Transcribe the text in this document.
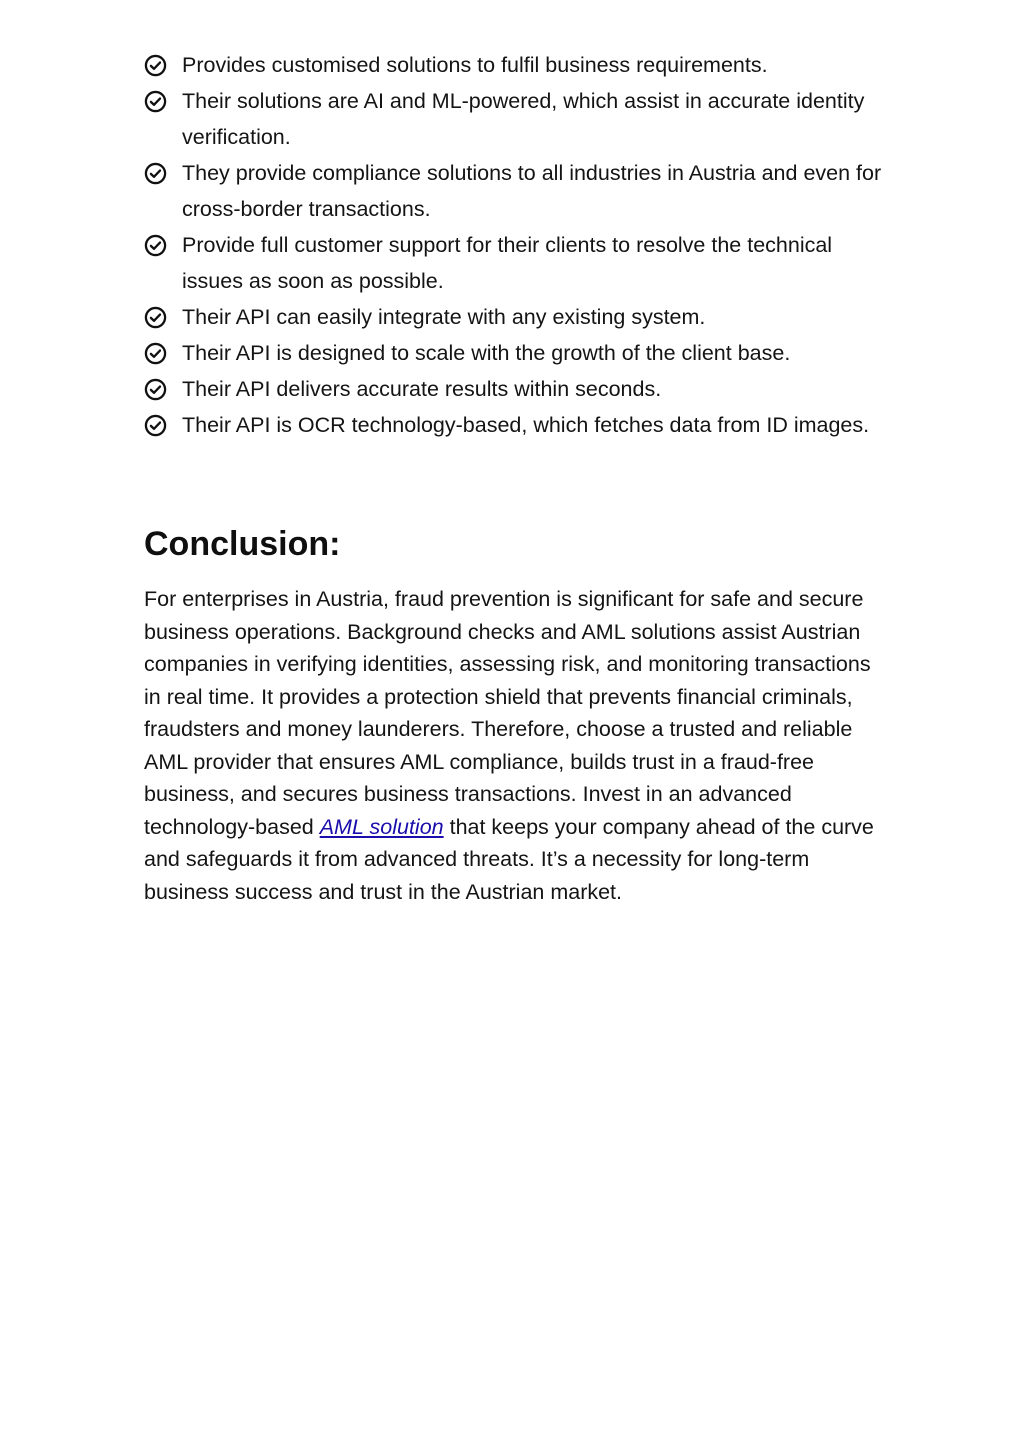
Provides customised solutions to fulfil business requirements.
Their solutions are AI and ML-powered, which assist in accurate identity verification.
They provide compliance solutions to all industries in Austria and even for cross-border transactions.
Provide full customer support for their clients to resolve the technical issues as soon as possible.
Their API can easily integrate with any existing system.
Their API is designed to scale with the growth of the client base.
Their API delivers accurate results within seconds.
Their API is OCR technology-based, which fetches data from ID images.
Conclusion:

For enterprises in Austria, fraud prevention is significant for safe and secure business operations. Background checks and AML solutions assist Austrian companies in verifying identities, assessing risk, and monitoring transactions in real time. It provides a protection shield that prevents financial criminals, fraudsters and money launderers. Therefore, choose a trusted and reliable AML provider that ensures AML compliance, builds trust in a fraud-free business, and secures business transactions. Invest in an advanced technology-based AML solution that keeps your company ahead of the curve and safeguards it from advanced threats. It’s a necessity for long-term business success and trust in the Austrian market.
